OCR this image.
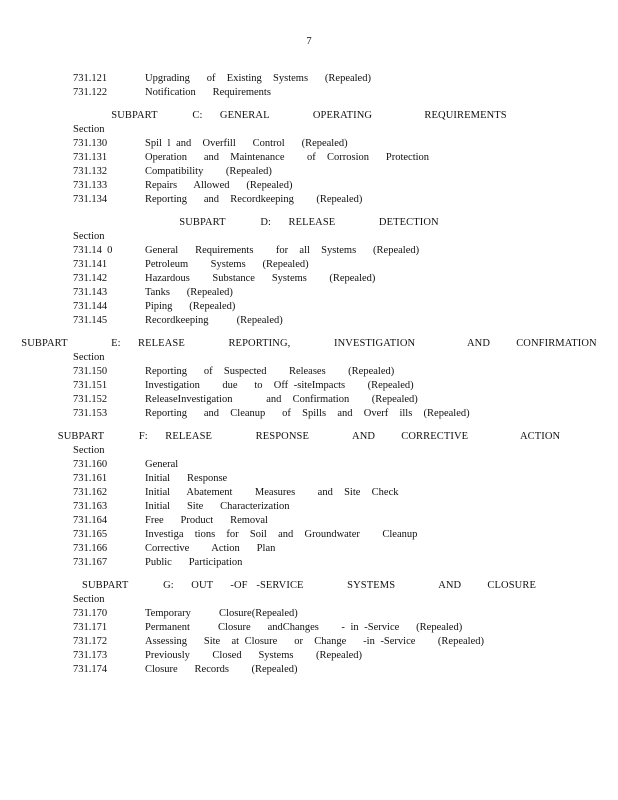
7
731.121	Upgrading   of  Existing  Systems   (Repealed)
731.122	Notification   Requirements
SUBPART    C:  GENERAL     OPERATING      REQUIREMENTS
Section
731.130	Spil l and  Overfill   Control   (Repealed)
731.131	Operation   and  Maintenance    of  Corrosion   Protection
731.132	Compatibility    (Repealed)
731.133	Repairs   Allowed   (Repealed)
731.134	Reporting   and  Recordkeeping    (Repealed)
SUBPART    D:  RELEASE     DETECTION
Section
731.14  0	General   Requirements    for  all  Systems   (Repealed)
731.141	Petroleum    Systems   (Repealed)
731.142	Hazardous    Substance   Systems    (Repealed)
731.143	Tanks   (Repealed)
731.144	Piping   (Repealed)
731.145	Recordkeeping     (Repealed)
SUBPART     E:  RELEASE     REPORTING,     INVESTIGATION      AND   CONFIRMATION
Section
731.150	Reporting   of  Suspected    Releases    (Repealed)
731.151	Investigation    due   to  Off -siteImpacts    (Repealed)
731.152	ReleaseInvestigation      and  Confirmation    (Repealed)
731.153	Reporting   and  Cleanup   of  Spills  and  Overf  ills  (Repealed)
SUBPART    F:  RELEASE     RESPONSE     AND   CORRECTIVE      ACTION
Section
731.160	General
731.161	Initial   Response
731.162	Initial   Abatement    Measures    and  Site  Check
731.163	Initial   Site   Characterization
731.164	Free   Product   Removal
731.165	Investiga  tions  for  Soil  and  Groundwater    Cleanup
731.166	Corrective    Action   Plan
731.167	Public   Participation
SUBPART    G:  OUT  -OF -SERVICE     SYSTEMS     AND   CLOSURE
Section
731.170	Temporary     Closure(Repealed)
731.171	Permanent     Closure   andChanges    - in -Service   (Repealed)
731.172	Assessing   Site  at Closure   or  Change   -in -Service    (Repealed)
731.173	Previously    Closed   Systems    (Repealed)
731.174	Closure   Records    (Repealed)
